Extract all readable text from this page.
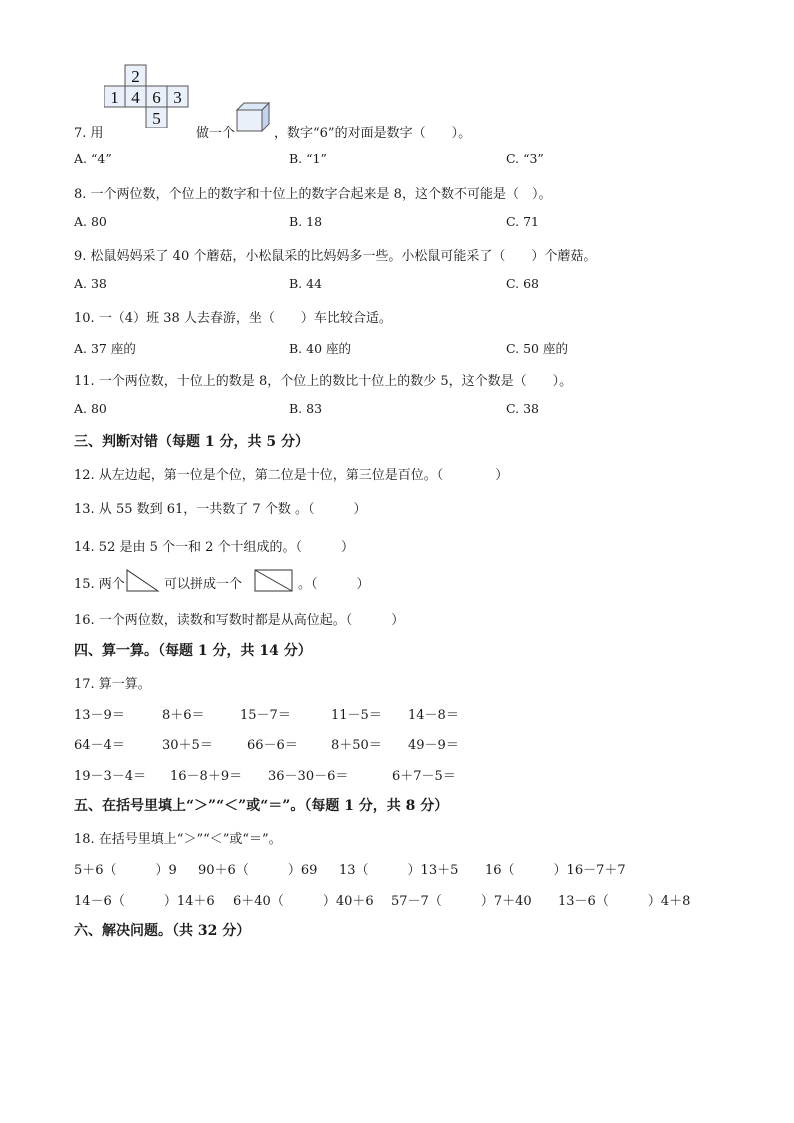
2
1 4 6 3
5
7. 用	做一个	，数字“6”的对面是数字（　　）。
A. “4”	B. “1”	C. “3”
8. 一个两位数，个位上的数字和十位上的数字合起来是 8，这个数不可能是（　）。
A. 80	B. 18	C. 71
9. 松鼠妈妈采了 40 个蘑菇，小松鼠采的比妈妈多一些。小松鼠可能采了（　　）个蘑菇。
A. 38	B. 44	C. 68
10. 一（4）班 38 人去春游，坐（　　）车比较合适。
A. 37 座的	B. 40 座的	C. 50 座的
11. 一个两位数，十位上的数是 8，个位上的数比十位上的数少 5，这个数是（　　）。
A. 80	B. 83	C. 38
三、判断对错（每题 1 分，共 5 分）
12. 从左边起，第一位是个位，第二位是十位，第三位是百位。（　　　　）
13. 从 55 数到 61，一共数了 7 个数 。（　　　）
14. 52 是由 5 个一和 2 个十组成的。（　　　）
15. 两个	可以拼成一个	。（　　　）
16. 一个两位数，读数和写数时都是从高位起。（　　　）
四、算一算。（每题 1 分，共 14 分）
17. 算一算。
13－9＝	8＋6＝	15－7＝	11－5＝ 14－8＝
64－4＝	30＋5＝	66－6＝	8＋50＝ 49－9＝
19－3－4＝ 16－8＋9＝ 36－30－6＝	6＋7－5＝
五、在括号里填上“＞”“＜”或“＝”。（每题 1 分，共 8 分）
18. 在括号里填上“＞”“＜”或“＝”。
5＋6（　　　）9 90＋6（　　　）69 13（　　　）13＋5 16（　　　）16－7＋7
14－6（　　　）14＋6 6＋40（　　　）40＋6 57－7（　　　）7＋40 13－6（　　　）4＋8
六、解决问题。（共 32 分）
